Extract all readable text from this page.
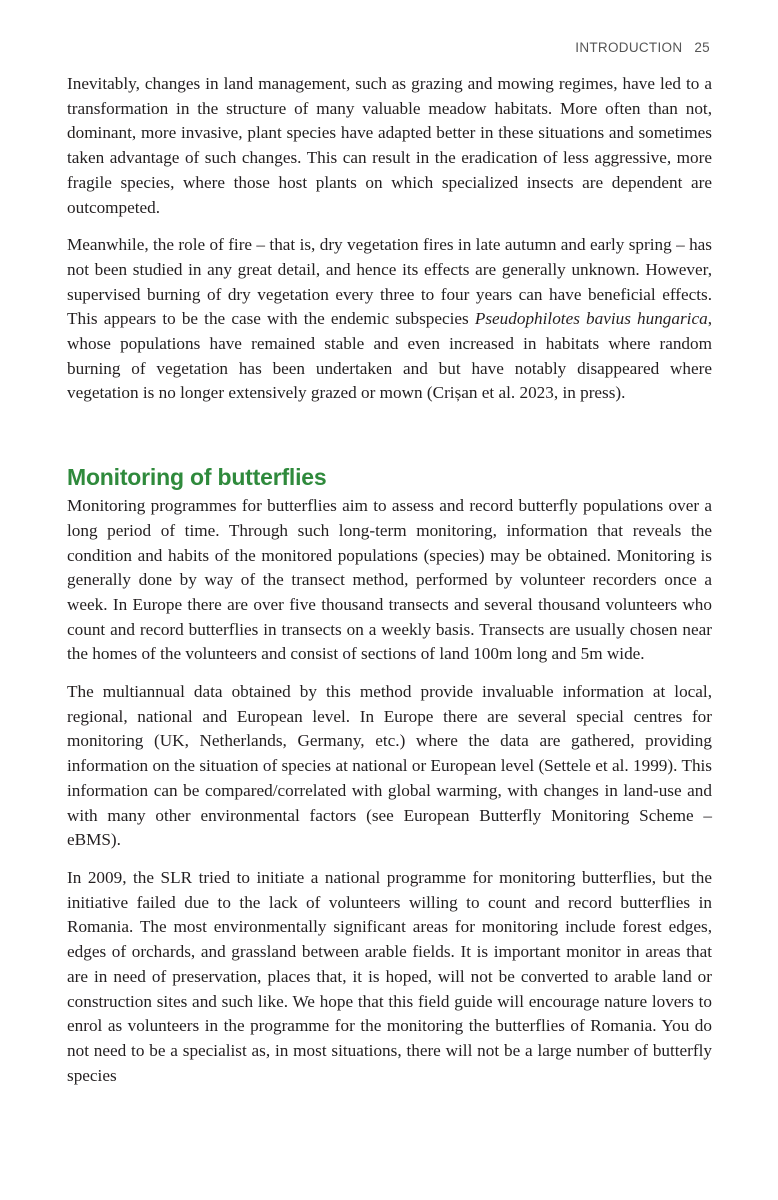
INTRODUCTION 25

Inevitably, changes in land management, such as grazing and mowing regimes, have led to a transformation in the structure of many valuable meadow habitats. More often than not, dominant, more invasive, plant species have adapted better in these situations and sometimes taken advantage of such changes. This can result in the eradication of less aggressive, more fragile species, where those host plants on which specialized insects are dependent are outcompeted.

Meanwhile, the role of fire – that is, dry vegetation fires in late autumn and early spring – has not been studied in any great detail, and hence its effects are generally unknown. However, supervised burning of dry vegetation every three to four years can have beneficial effects. This appears to be the case with the endemic subspecies Pseudophilotes bavius hungarica, whose populations have remained stable and even increased in habitats where random burning of vegetation has been undertaken and but have notably disappeared where vegetation is no longer extensively grazed or mown (Crișan et al. 2023, in press).

Monitoring of butterflies

Monitoring programmes for butterflies aim to assess and record butterfly populations over a long period of time. Through such long-term monitoring, information that reveals the condition and habits of the monitored populations (species) may be obtained. Monitoring is generally done by way of the transect method, performed by volunteer recorders once a week. In Europe there are over five thousand transects and several thousand volunteers who count and record butterflies in transects on a weekly basis. Transects are usually chosen near the homes of the volunteers and consist of sections of land 100m long and 5m wide.

The multiannual data obtained by this method provide invaluable information at local, regional, national and European level. In Europe there are several special centres for monitoring (UK, Netherlands, Germany, etc.) where the data are gathered, providing information on the situation of species at national or European level (Settele et al. 1999). This information can be compared/correlated with global warming, with changes in land-use and with many other environmental factors (see European Butterfly Monitoring Scheme – eBMS).

In 2009, the SLR tried to initiate a national programme for monitoring butterflies, but the initiative failed due to the lack of volunteers willing to count and record butterflies in Romania. The most environmentally significant areas for monitoring include forest edges, edges of orchards, and grassland between arable fields. It is important monitor in areas that are in need of preservation, places that, it is hoped, will not be converted to arable land or construction sites and such like. We hope that this field guide will encourage nature lovers to enrol as volunteers in the programme for the monitoring the butterflies of Romania. You do not need to be a specialist as, in most situations, there will not be a large number of butterfly species
